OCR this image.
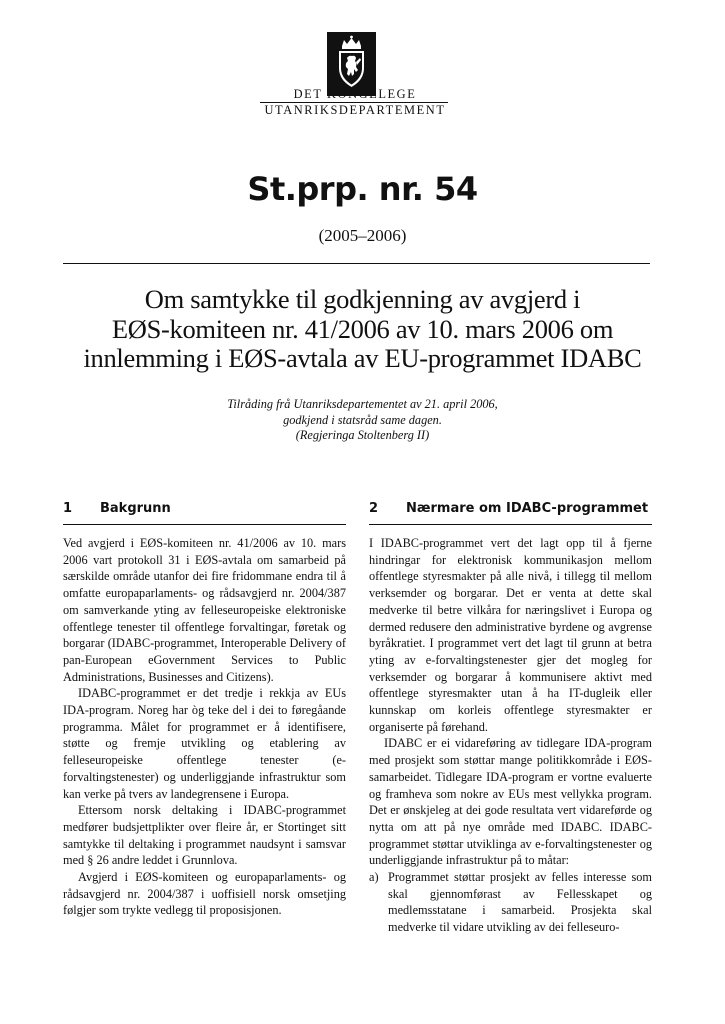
DET KONGELEGE
UTANRIKSDEPARTEMENT
St.prp. nr. 54
(2005–2006)
Om samtykke til godkjenning av avgjerd i
EØS-komiteen nr. 41/2006 av 10. mars 2006 om
innlemming i EØS-avtala av EU-programmet IDABC
Tilråding frå Utanriksdepartementet av 21. april 2006,
godkjend i statsråd same dagen.
(Regjeringa Stoltenberg II)
1	Bakgrunn

Ved avgjerd i EØS-komiteen nr. 41/2006 av 10. mars 2006 vart protokoll 31 i EØS-avtala om samarbeid på særskilde område utanfor dei fire fridommane endra til å omfatte europaparlaments- og rådsavgjerd nr. 2004/387 om samverkande yting av felleseuropeiske elektroniske offentlege tenester til offentlege forvaltingar, føretak og borgarar (IDABC-programmet, Interoperable Delivery of pan-European eGovernment Services to Public Administrations, Businesses and Citizens).

IDABC-programmet er det tredje i rekkja av EUs IDA-program. Noreg har òg teke del i dei to føregåande programma. Målet for programmet er å identifisere, støtte og fremje utvikling og etablering av felleseuropeiske offentlege tenester (e-forvaltingstenester) og underliggjande infrastruktur som kan verke på tvers av landegrensene i Europa.

Ettersom norsk deltaking i IDABC-programmet medfører budsjettplikter over fleire år, er Stortinget sitt samtykke til deltaking i programmet naudsynt i samsvar med § 26 andre leddet i Grunnlova.

Avgjerd i EØS-komiteen og europaparlaments- og rådsavgjerd nr. 2004/387 i uoffisiell norsk omsetjing følgjer som trykte vedlegg til proposisjonen.

2	Nærmare om IDABC-programmet

I IDABC-programmet vert det lagt opp til å fjerne hindringar for elektronisk kommunikasjon mellom offentlege styresmakter på alle nivå, i tillegg til mellom verksemder og borgarar. Det er venta at dette skal medverke til betre vilkåra for næringslivet i Europa og dermed redusere den administrative byrdene og avgrense byråkratiet. I programmet vert det lagt til grunn at betra yting av e-forvaltingstenester gjer det mogleg for verksemder og borgarar å kommunisere aktivt med offentlege styresmakter utan å ha IT-dugleik eller kunnskap om korleis offentlege styresmakter er organiserte på førehand.

IDABC er ei vidareføring av tidlegare IDA-program med prosjekt som støttar mange politikkområde i EØS-samarbeidet. Tidlegare IDA-program er vortne evaluerte og framheva som nokre av EUs mest vellykka program. Det er ønskjeleg at dei gode resultata vert vidareførde og nytta om att på nye område med IDABC. IDABC-programmet støttar utviklinga av e-forvaltingstenester og underliggjande infrastruktur på to måtar:

a) Programmet støttar prosjekt av felles interesse som skal gjennomførast av Fellesskapet og medlemsstatane i samarbeid. Prosjekta skal medverke til vidare utvikling av dei felleseuro-
